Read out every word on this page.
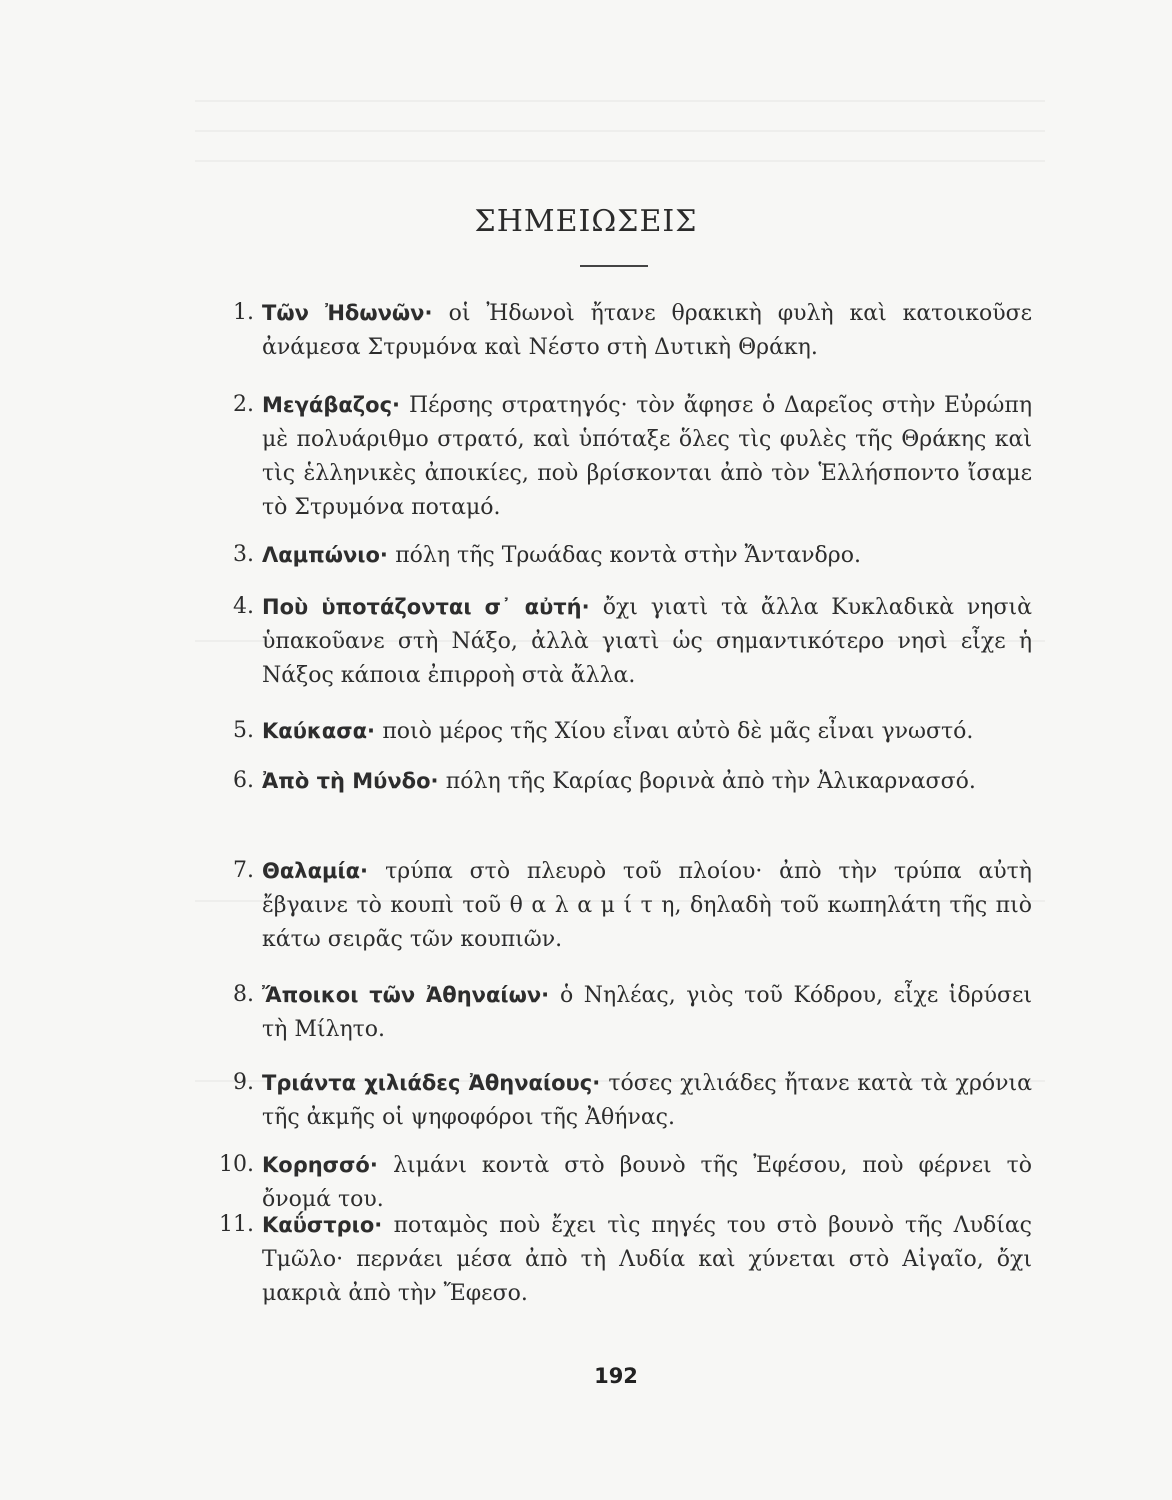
ΣΗΜΕΙΩΣΕΙΣ
1. Τῶν Ἠδωνῶν· οἱ Ἠδωνοὶ ἤτανε θρακικὴ φυλὴ καὶ κατοικοῦσε ἀνάμεσα Στρυμόνα καὶ Νέστο στὴ Δυτικὴ Θράκη.
2. Μεγάβαζος· Πέρσης στρατηγός· τὸν ἄφησε ὁ Δαρεῖος στὴν Εὐρώπη μὲ πολυάριθμο στρατό, καὶ ὑπόταξε ὅλες τὶς φυλὲς τῆς Θράκης καὶ τὶς ἑλληνικὲς ἀποικίες, ποὺ βρίσκονται ἀπὸ τὸν Ἑλλήσποντο ἴσαμε τὸ Στρυμόνα ποταμό.
3. Λαμπώνιο· πόλη τῆς Τρωάδας κοντὰ στὴν Ἄντανδρο.
4. Ποὺ ὑποτάζονται σ᾿ αὐτή· ὄχι γιατὶ τὰ ἄλλα Κυκλαδικὰ νησιὰ ὑπακοῦανε στὴ Νάξο, ἀλλὰ γιατὶ ὡς σημαντικότερο νησὶ εἶχε ἡ Νάξος κάποια ἐπιρροὴ στὰ ἄλλα.
5. Καύκασα· ποιὸ μέρος τῆς Χίου εἶναι αὐτὸ δὲ μᾶς εἶναι γνωστό.
6. Ἀπὸ τὴ Μύνδο· πόλη τῆς Καρίας βορινὰ ἀπὸ τὴν Ἁλικαρνασσό.
7. Θαλαμία· τρύπα στὸ πλευρὸ τοῦ πλοίου· ἀπὸ τὴν τρύπα αὐτὴ ἔβγαινε τὸ κουπὶ τοῦ θ α λ α μ ί τ η, δηλαδὴ τοῦ κωπηλάτη τῆς πιὸ κάτω σειρᾶς τῶν κουπιῶν.
8. Ἄποικοι τῶν Ἀθηναίων· ὁ Νηλέας, γιὸς τοῦ Κόδρου, εἶχε ἱδρύσει τὴ Μίλητο.
9. Τριάντα χιλιάδες Ἀθηναίους· τόσες χιλιάδες ἤτανε κατὰ τὰ χρόνια τῆς ἀκμῆς οἱ ψηφοφόροι τῆς Ἀθήνας.
10. Κορησσό· λιμάνι κοντὰ στὸ βουνὸ τῆς Ἐφέσου, ποὺ φέρνει τὸ ὄνομά του.
11. Καΰστριο· ποταμὸς ποὺ ἔχει τὶς πηγές του στὸ βουνὸ τῆς Λυδίας Τμῶλο· περνάει μέσα ἀπὸ τὴ Λυδία καὶ χύνεται στὸ Αἰγαῖο, ὄχι μακριὰ ἀπὸ τὴν Ἔφεσο.
192
